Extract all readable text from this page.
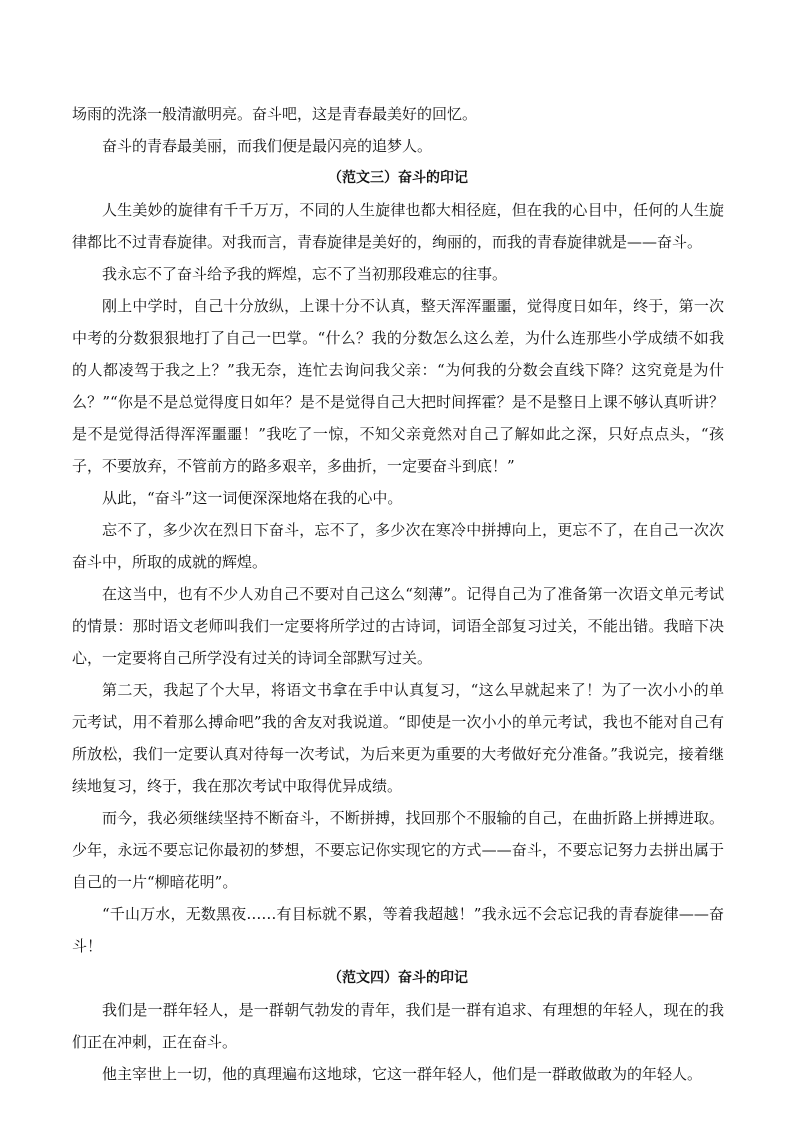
场雨的洗涤一般清澈明亮。奋斗吧，这是青春最美好的回忆。

奋斗的青春最美丽，而我们便是最闪亮的追梦人。

（范文三）奋斗的印记

人生美妙的旋律有千千万万，不同的人生旋律也都大相径庭，但在我的心目中，任何的人生旋律都比不过青春旋律。对我而言，青春旋律是美好的，绚丽的，而我的青春旋律就是——奋斗。

我永忘不了奋斗给予我的辉煌，忘不了当初那段难忘的往事。

刚上中学时，自己十分放纵，上课十分不认真，整天浑浑噩噩，觉得度日如年，终于，第一次中考的分数狠狠地打了自己一巴掌。“什么？我的分数怎么这么差，为什么连那些小学成绩不如我的人都凌驾于我之上？”我无奈，连忙去询问我父亲：“为何我的分数会直线下降？这究竟是为什么？”“你是不是总觉得度日如年？是不是觉得自己大把时间挥霍？是不是整日上课不够认真听讲？是不是觉得活得浑浑噩噩！”我吃了一惊，不知父亲竟然对自己了解如此之深，只好点点头，“孩子，不要放弃，不管前方的路多艰辛，多曲折，一定要奋斗到底！”

从此，“奋斗”这一词便深深地烙在我的心中。

忘不了，多少次在烈日下奋斗，忘不了，多少次在寒冷中拼搏向上，更忘不了，在自己一次次奋斗中，所取的成就的辉煌。

在这当中，也有不少人劝自己不要对自己这么“刻薄”。记得自己为了准备第一次语文单元考试的情景：那时语文老师叫我们一定要将所学过的古诗词，词语全部复习过关，不能出错。我暗下决心，一定要将自己所学没有过关的诗词全部默写过关。

第二天，我起了个大早，将语文书拿在手中认真复习，“这么早就起来了！为了一次小小的单元考试，用不着那么搏命吧”我的舍友对我说道。“即使是一次小小的单元考试，我也不能对自己有所放松，我们一定要认真对待每一次考试，为后来更为重要的大考做好充分准备。”我说完，接着继续地复习，终于，我在那次考试中取得优异成绩。

而今，我必须继续坚持不断奋斗，不断拼搏，找回那个不服输的自己，在曲折路上拼搏进取。少年，永远不要忘记你最初的梦想，不要忘记你实现它的方式——奋斗，不要忘记努力去拼出属于自己的一片“柳暗花明”。

“千山万水，无数黑夜……有目标就不累，等着我超越！”我永远不会忘记我的青春旋律——奋斗！

（范文四）奋斗的印记

我们是一群年轻人，是一群朝气勃发的青年，我们是一群有追求、有理想的年轻人，现在的我们正在冲刺，正在奋斗。

他主宰世上一切，他的真理遍布这地球，它这一群年轻人，他们是一群敢做敢为的年轻人。
